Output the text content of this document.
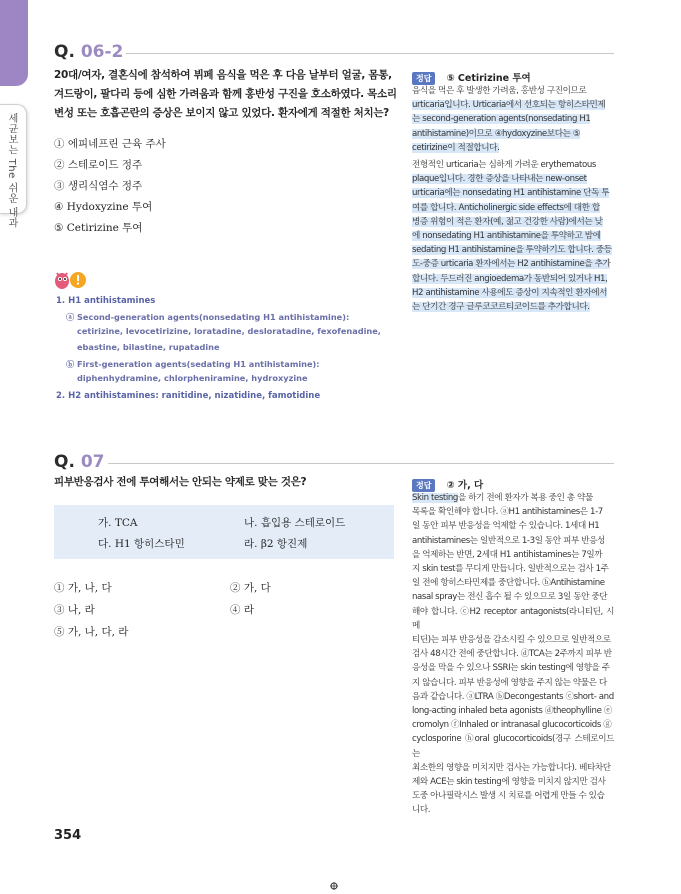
세균보는 The 쉬운 내과
Q. 06-2
20대/여자, 결혼식에 참석하여 뷔페 음식을 먹은 후 다음 날부터 얼굴, 몸통,
겨드랑이, 팔다리 등에 심한 가려움과 함께 홍반성 구진을 호소하였다. 목소리
변성 또는 호흡곤란의 증상은 보이지 않고 있었다. 환자에게 적절한 처치는?
① 에피네프린 근육 주사
② 스테로이드 정주
③ 생리식염수 정주
④ Hydoxyzine 투여
⑤ Cetirizine 투여
1. H1 antihistamines
ⓐ Second-generation agents(nonsedating H1 antihistamine):
cetirizine, levocetirizine, loratadine, desloratadine, fexofenadine,
ebastine, bilastine, rupatadine
ⓑ First-generation agents(sedating H1 antihistamine):
diphenhydramine, chlorpheniramine, hydroxyzine
2. H2 antihistamines: ranitidine, nizatidine, famotidine
정답 ⑤ Cetirizine 투여
음식을 먹은 후 발생한 가려움, 홍반성 구진이므로
urticaria입니다. Urticaria에서 선호되는 항히스타민제
는 second-generation agents(nonsedating H1
antihistamine)이므로 ④hydoxyzine보다는 ⑤
cetirizine이 적절합니다.
전형적인 urticaria는 심하게 가려운 erythematous
plaque입니다. 경한 증상을 나타내는 new-onset
urticaria에는 nonsedating H1 antihistamine 단독 투
여를 합니다. Anticholinergic side effects에 대한 합
병증 위험이 적은 환자(예, 젊고 건강한 사람)에서는 낮
에 nonsedating H1 antihistamine을 투약하고 밤에
sedating H1 antihistamine을 투약하기도 합니다. 중등
도-중증 urticaria 환자에서는 H2 antihistamine을 추가
합니다. 두드러진 angioedema가 동반되어 있거나 H1,
H2 antihistamine 사용에도 증상이 지속적인 환자에서
는 단기간 경구 글루코코르티코이드를 추가합니다.
Q. 07
피부반응검사 전에 투여해서는 안되는 약제로 맞는 것은?
가. TCA	나. 흡입용 스테로이드
다. H1 항히스타민	라. β2 항진제
① 가, 나, 다	② 가, 다
③ 나, 라	④ 라
⑤ 가, 나, 다, 라
정답 ② 가, 다
Skin testing을 하기 전에 환자가 복용 중인 총 약물
목록을 확인해야 합니다. ⓐH1 antihistamines은 1-7
일 동안 피부 반응성을 억제할 수 있습니다. 1세대 H1
antihistamines는 일반적으로 1-3일 동안 피부 반응성
을 억제하는 반면, 2세대 H1 antihistamines는 7일까
지 skin test를 무디게 만듭니다. 일반적으로는 검사 1주
일 전에 항히스타민제를 중단합니다. ⓑAntihistamine
nasal spray는 전신 흡수 될 수 있으므로 3일 동안 중단
해야 합니다. ⓒH2 receptor antagonists(라니티딘, 시메
티딘)는 피부 반응성을 감소시킬 수 있으므로 일반적으로
검사 48시간 전에 중단합니다. ⓓTCA는 2주까지 피부 반
응성을 막을 수 있으나 SSRI는 skin testing에 영향을 주
지 않습니다. 피부 반응성에 영향을 주지 않는 약물은 다
음과 같습니다. ⓐLTRA ⓑDecongestants ⓒshort- and
long-acting inhaled beta agonists ⓓtheophylline ⓔ
cromolyn ⓕInhaled or intranasal glucocorticoids ⓖ
cyclosporine ⓗoral glucocorticoids(경구 스테로이드는
최소한의 영향을 미치지만 검사는 가능합니다). 베타차단
제와 ACE는 skin testing에 영향을 미치지 않지만 검사
도중 아나필락시스 발생 시 치료를 어렵게 만들 수 있습
니다.
354
